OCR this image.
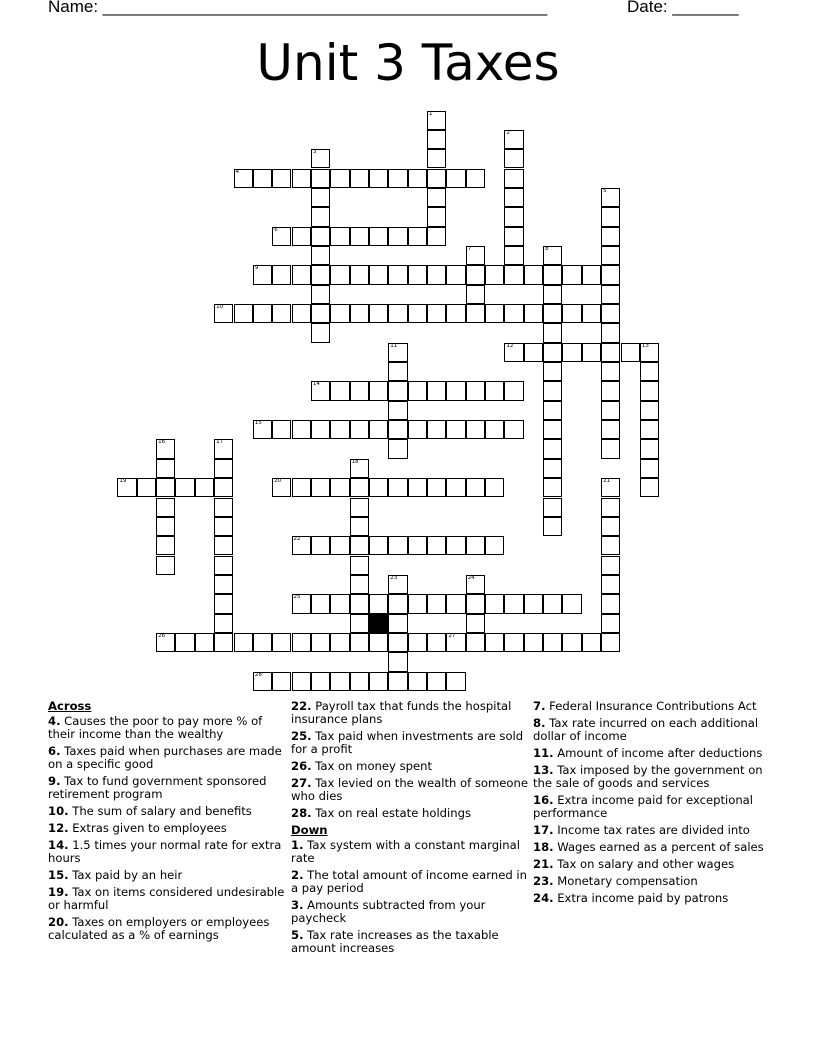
Name: _______________________________________________	Date: _______
Unit 3 Taxes
1
2
3
4
5
6
7	8
9
10
11	12	13
14
15
16	17
18
19	20	21
22
23	24
25
26	27
28
Across
4. Causes the poor to pay more % of their income than the wealthy
6. Taxes paid when purchases are made on a specific good
9. Tax to fund government sponsored retirement program
10. The sum of salary and benefits
12. Extras given to employees
14. 1.5 times your normal rate for extra hours
15. Tax paid by an heir
19. Tax on items considered undesirable or harmful
20. Taxes on employers or employees calculated as a % of earnings
22. Payroll tax that funds the hospital insurance plans
25. Tax paid when investments are sold for a profit
26. Tax on money spent
27. Tax levied on the wealth of someone who dies
28. Tax on real estate holdings
Down
1. Tax system with a constant marginal rate
2. The total amount of income earned in a pay period
3. Amounts subtracted from your paycheck
5. Tax rate increases as the taxable amount increases
7. Federal Insurance Contributions Act
8. Tax rate incurred on each additional dollar of income
11. Amount of income after deductions
13. Tax imposed by the government on the sale of goods and services
16. Extra income paid for exceptional performance
17. Income tax rates are divided into
18. Wages earned as a percent of sales
21. Tax on salary and other wages
23. Monetary compensation
24. Extra income paid by patrons
